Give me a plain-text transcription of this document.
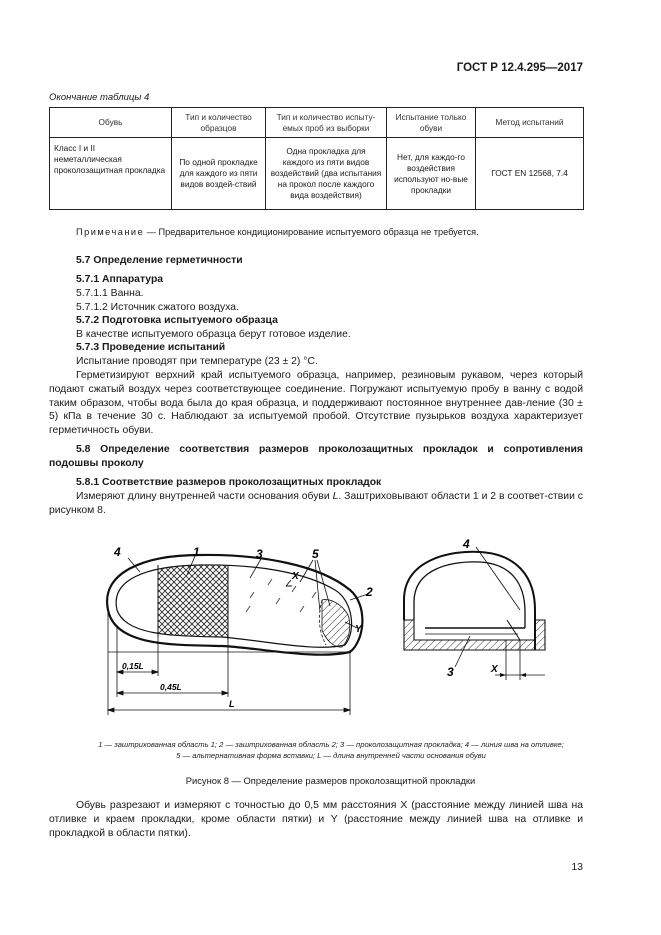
ГОСТ Р 12.4.295—2017
Окончание таблицы 4
Обувь	Тип и количество образцов	Тип и количество испыту-емых проб из выборки	Испытание только обуви	Метод испытаний

Класс I и II
неметаллическая проколозащитная прокладка	По одной прокладке для каждого из пяти видов воздей-ствий	Одна прокладка для каждого из пяти видов воздействий (два испытания на прокол после каждого вида воздействия)	Нет, для каждо-го воздействия используют но-вые прокладки	ГОСТ EN 12568, 7.4
Примечание — Предварительное кондиционирование испытуемого образца не требуется.
5.7 Определение герметичности
5.7.1 Аппаратура
5.7.1.1 Ванна.
5.7.1.2 Источник сжатого воздуха.
5.7.2 Подготовка испытуемого образца
В качестве испытуемого образца берут готовое изделие.
5.7.3 Проведение испытаний
Испытание проводят при температуре (23 ± 2) °С.
Герметизируют верхний край испытуемого образца, например, резиновым рукавом, через который подают сжатый воздух через соответствующее соединение. Погружают испытуемую пробу в ванну с водой таким образом, чтобы вода была до края образца, и поддерживают постоянное внутреннее дав-ление (30 ± 5) кПа в течение 30 с. Наблюдают за испытуемой пробой. Отсутствие пузырьков воздуха характеризует герметичность обуви.
5.8 Определение соответствия размеров проколозащитных прокладок и сопротивления подошвы проколу
5.8.1 Соответствие размеров проколозащитных прокладок
Измеряют длину внутренней части основания обуви L. Заштриховывают области 1 и 2 в соответ-ствии с рисунком 8.
4	1	3	5
X
2
Y
0,15L
0,45L
L
4
3	X
1 — заштрихованная область 1; 2 — заштрихованная область 2; 3 — проколозащитная прокладка; 4 — линия шва на отливке;
5 — альтернативная форма вставки; L — длина внутренней части основания обуви
Рисунок 8 — Определение размеров проколозащитной прокладки
Обувь разрезают и измеряют с точностью до 0,5 мм расстояния X (расстояние между линией шва на отливке и краем прокладки, кроме области пятки) и Y (расстояние между линией шва на отливке и прокладкой в области пятки).
13
